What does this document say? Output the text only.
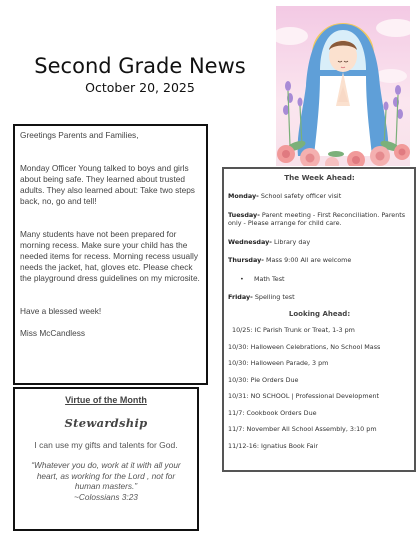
Second Grade News
October 20, 2025

Greetings Parents and Families,

Monday Officer Young talked to boys and girls about being safe. They learned about trusted adults. They also learned about: Take two steps back, no, go and tell!

Many students have not been prepared for morning recess. Make sure your child has the needed items for recess. Morning recess usually needs the jacket, hat, gloves etc. Please check the playground dress guidelines on my microsite.

Have a blessed week!

Miss McCandless

Virtue of the Month
Stewardship
I can use my gifts and talents for God.
“Whatever you do, work at it with all your heart, as working for the Lord , not for human masters.”
~Colossians 3:23
The Week Ahead:
Monday- School safety officer visit
Tuesday- Parent meeting - First Reconciliation. Parents only - Please arrange for child care.
Wednesday- Library day
Thursday- Mass 9:00 All are welcome
• Math Test
Friday- Spelling test
Looking Ahead:
10/25: IC Parish Trunk or Treat, 1-3 pm
10/30: Halloween Celebrations, No School Mass
10/30: Halloween Parade, 3 pm
10/30: Pie Orders Due
10/31: NO SCHOOL | Professional Development
11/7: Cookbook Orders Due
11/7: November All School Assembly, 3:10 pm
11/12-16: Ignatius Book Fair
